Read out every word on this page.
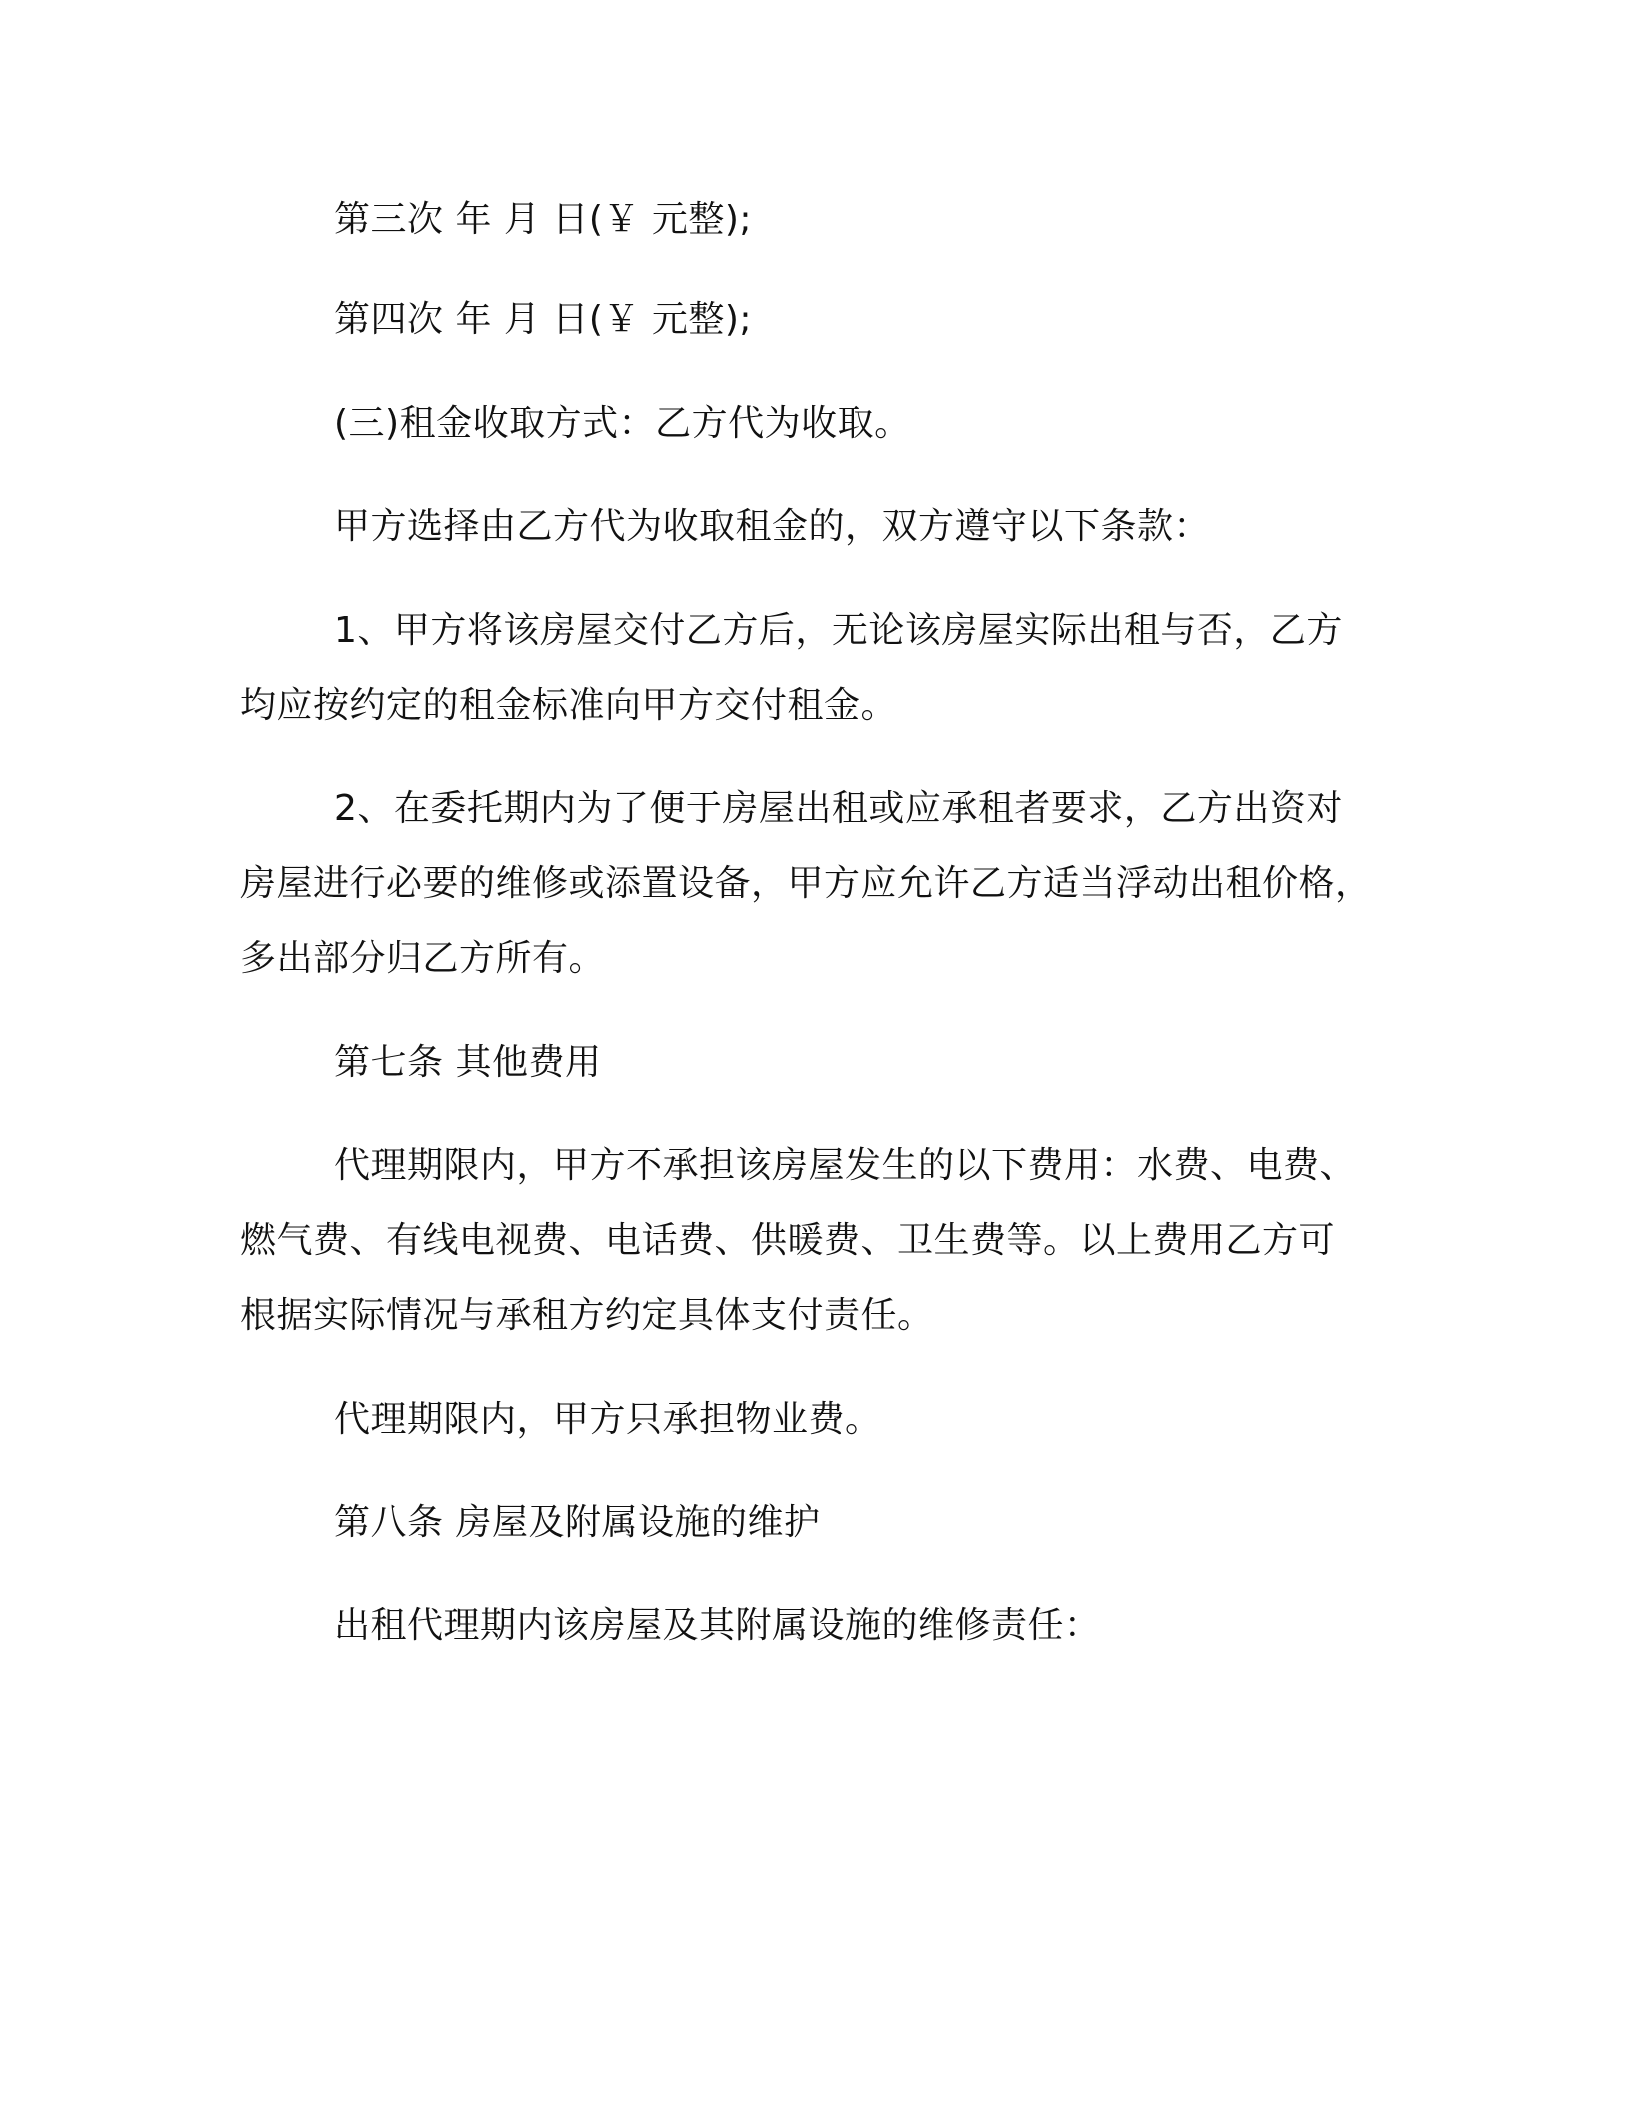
第三次 年 月 日(￥ 元整);

第四次 年 月 日(￥ 元整);

(三)租金收取方式：乙方代为收取。

甲方选择由乙方代为收取租金的，双方遵守以下条款：

1、甲方将该房屋交付乙方后，无论该房屋实际出租与否，乙方

均应按约定的租金标准向甲方交付租金。

2、在委托期内为了便于房屋出租或应承租者要求，乙方出资对

房屋进行必要的维修或添置设备，甲方应允许乙方适当浮动出租价格，

多出部分归乙方所有。

第七条 其他费用

代理期限内，甲方不承担该房屋发生的以下费用：水费、电费、

燃气费、有线电视费、电话费、供暖费、卫生费等。以上费用乙方可

根据实际情况与承租方约定具体支付责任。

代理期限内，甲方只承担物业费。

第八条 房屋及附属设施的维护

出租代理期内该房屋及其附属设施的维修责任：
